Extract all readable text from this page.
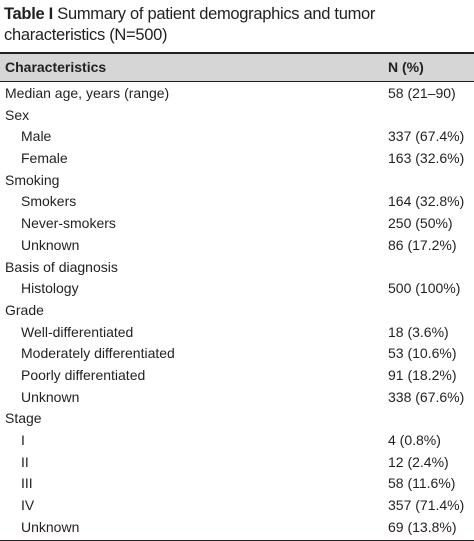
Table I Summary of patient demographics and tumor characteristics (N=500)
Characteristics	N (%)
Median age, years (range)	58 (21–90)
Sex
Male	337 (67.4%)
Female	163 (32.6%)
Smoking
Smokers	164 (32.8%)
Never-smokers	250 (50%)
Unknown	86 (17.2%)
Basis of diagnosis
Histology	500 (100%)
Grade
Well-differentiated	18 (3.6%)
Moderately differentiated	53 (10.6%)
Poorly differentiated	91 (18.2%)
Unknown	338 (67.6%)
Stage
I	4 (0.8%)
II	12 (2.4%)
III	58 (11.6%)
IV	357 (71.4%)
Unknown	69 (13.8%)
